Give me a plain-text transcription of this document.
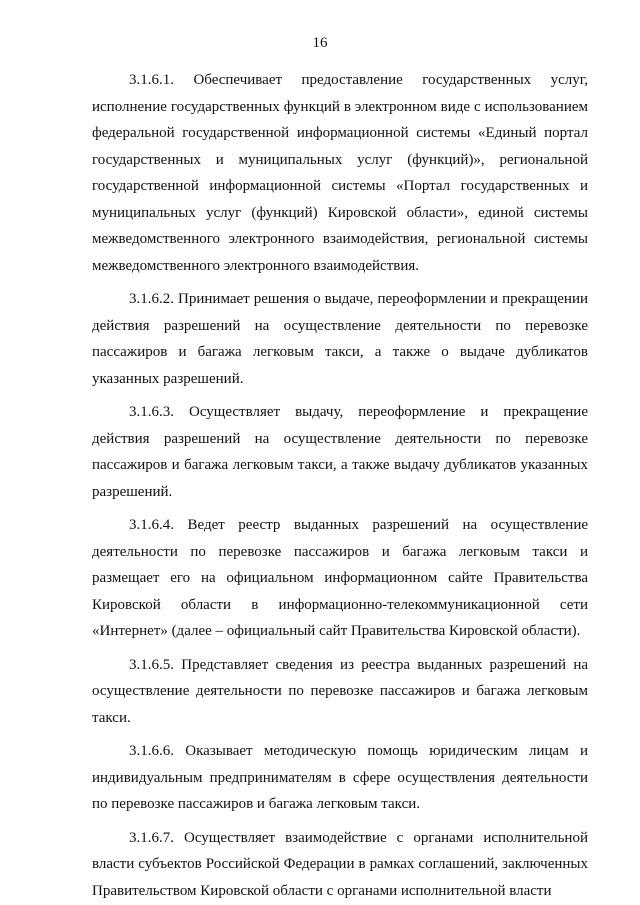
16

3.1.6.1. Обеспечивает предоставление государственных услуг, исполнение государственных функций в электронном виде с использованием федеральной государственной информационной системы «Единый портал государственных и муниципальных услуг (функций)», региональной государственной информационной системы «Портал государственных и муниципальных услуг (функций) Кировской области», единой системы межведомственного электронного взаимодействия, региональной системы межведомственного электронного взаимодействия.

3.1.6.2. Принимает решения о выдаче, переоформлении и прекращении действия разрешений на осуществление деятельности по перевозке пассажиров и багажа легковым такси, а также о выдаче дубликатов указанных разрешений.

3.1.6.3. Осуществляет выдачу, переоформление и прекращение действия разрешений на осуществление деятельности по перевозке пассажиров и багажа легковым такси, а также выдачу дубликатов указанных разрешений.

3.1.6.4. Ведет реестр выданных разрешений на осуществление деятельности по перевозке пассажиров и багажа легковым такси и размещает его на официальном информационном сайте Правительства Кировской области в информационно-телекоммуникационной сети «Интернет» (далее – официальный сайт Правительства Кировской области).

3.1.6.5. Представляет сведения из реестра выданных разрешений на осуществление деятельности по перевозке пассажиров и багажа легковым такси.

3.1.6.6. Оказывает методическую помощь юридическим лицам и индивидуальным предпринимателям в сфере осуществления деятельности по перевозке пассажиров и багажа легковым такси.

3.1.6.7. Осуществляет взаимодействие с органами исполнительной власти субъектов Российской Федерации в рамках соглашений, заключенных Правительством Кировской области с органами исполнительной власти
